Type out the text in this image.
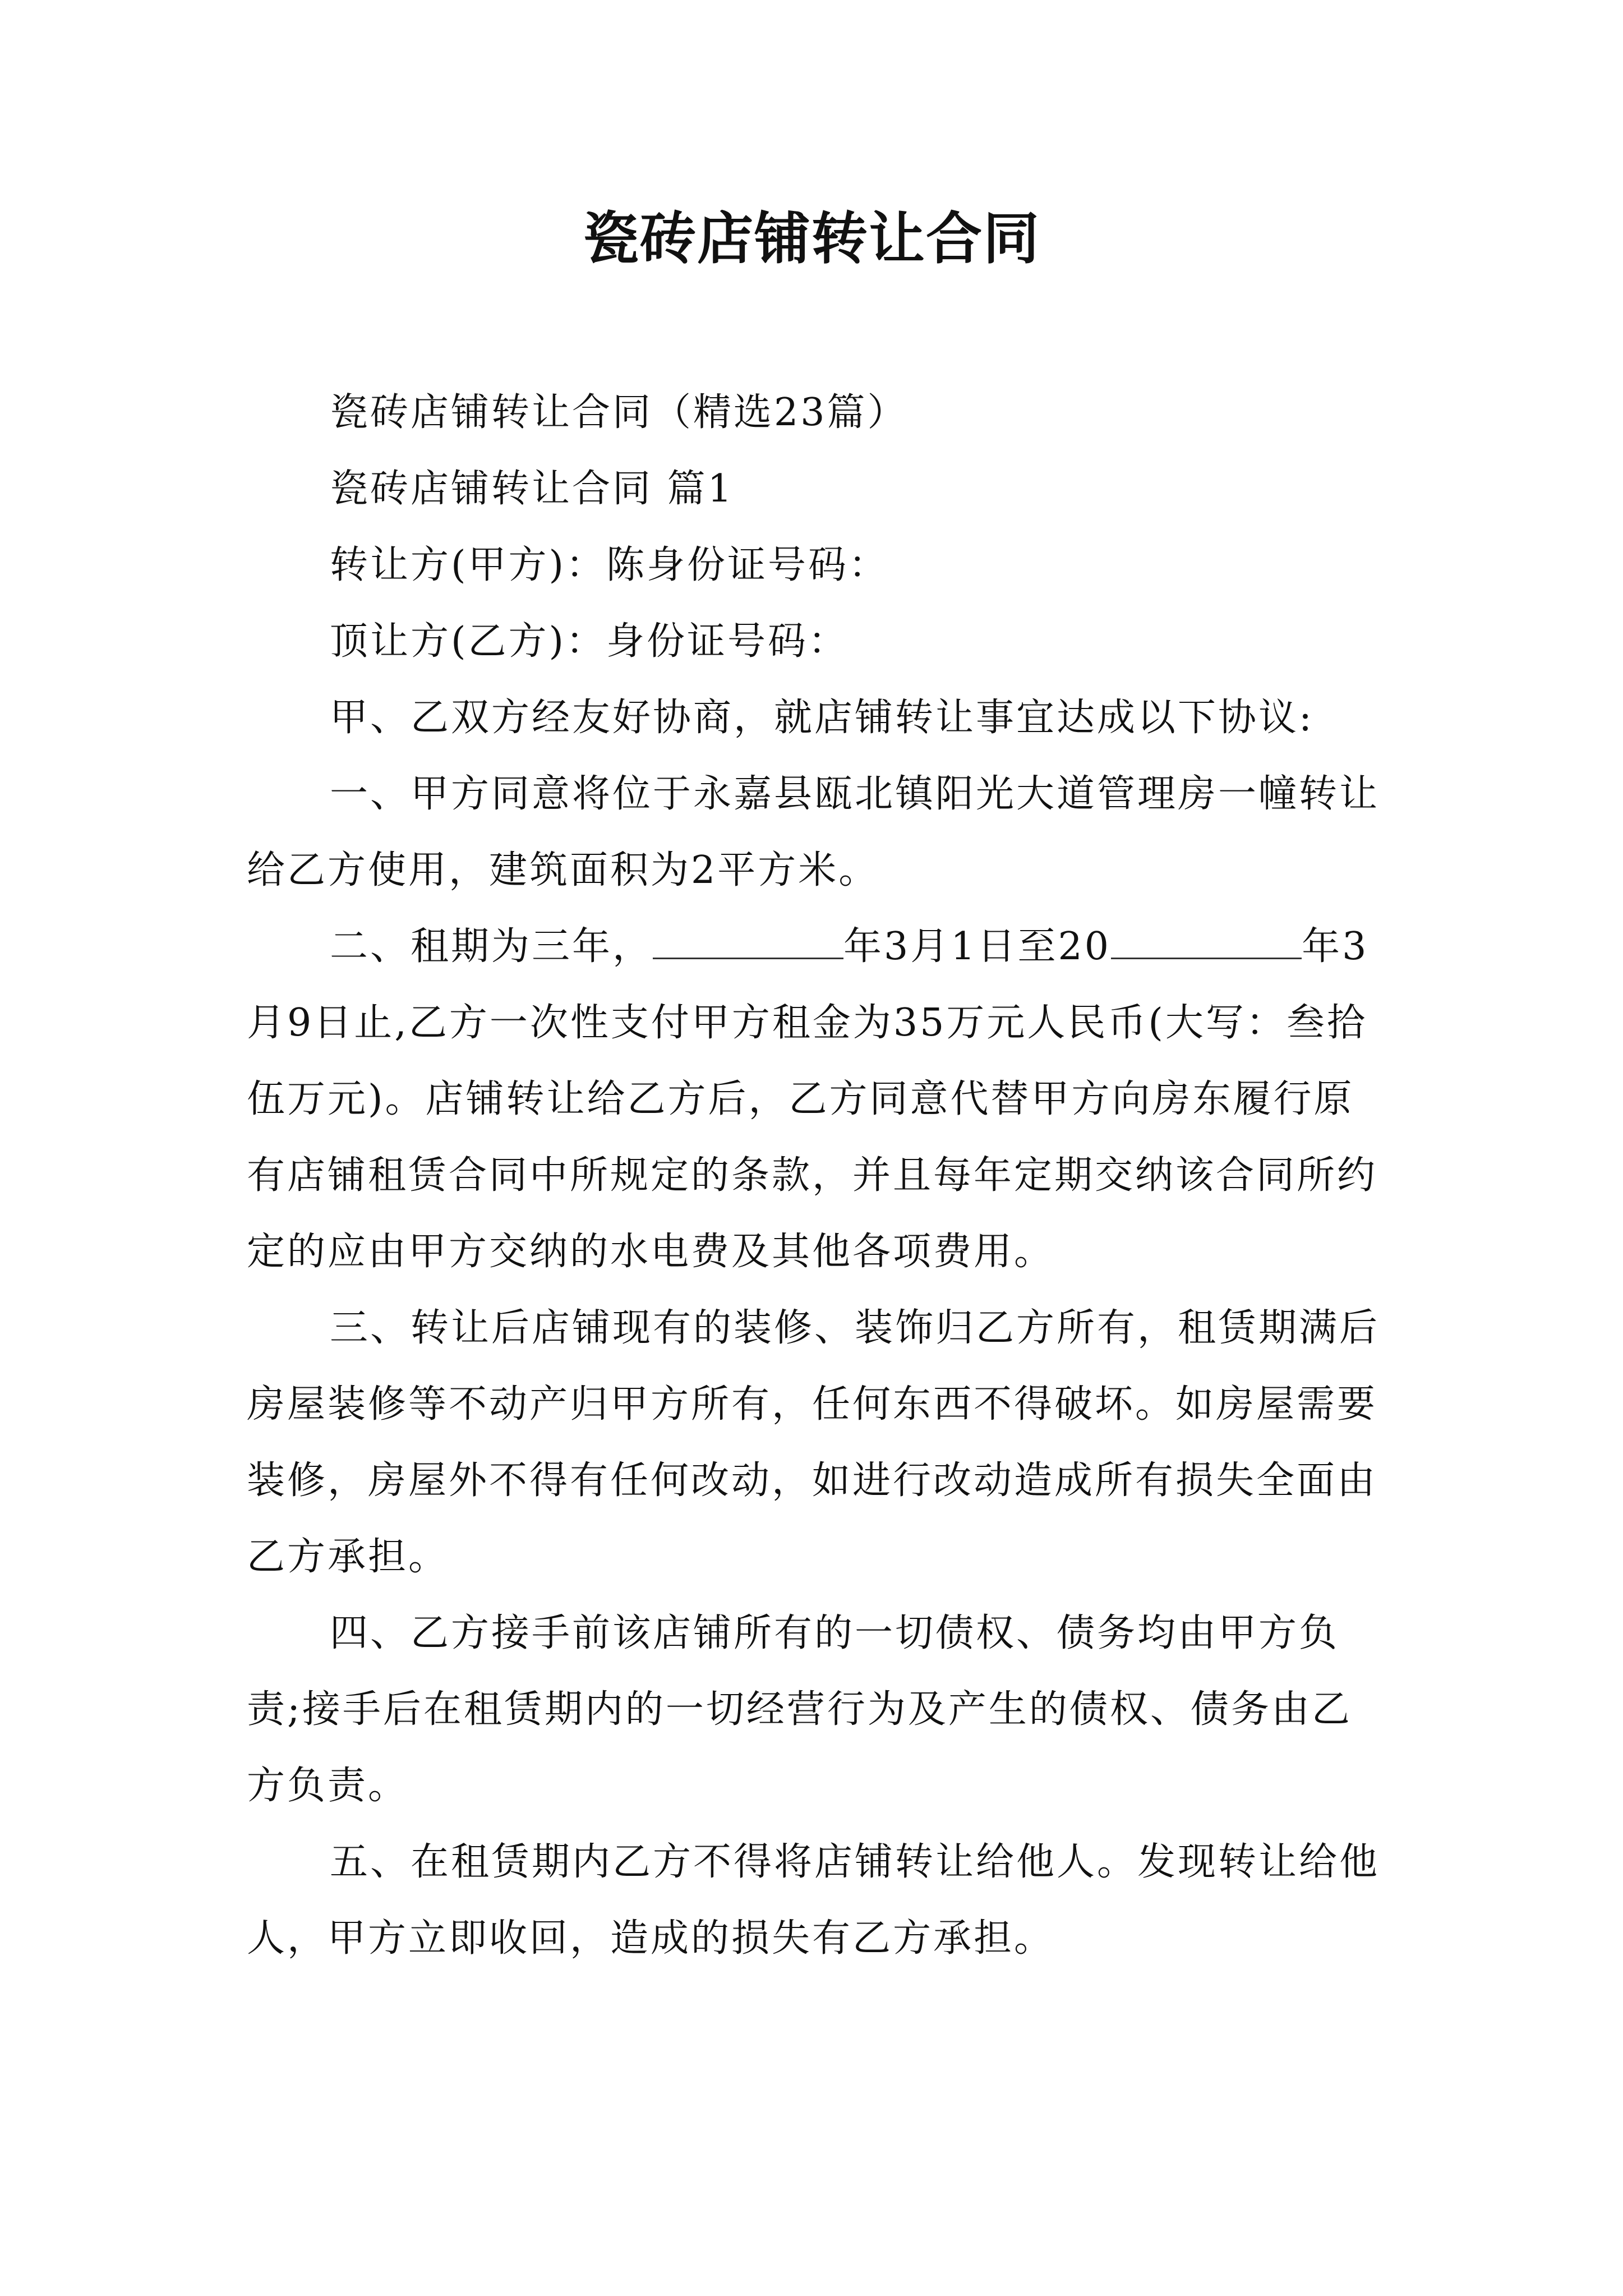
瓷砖店铺转让合同

瓷砖店铺转让合同（精选23篇）

瓷砖店铺转让合同 篇1

转让方(甲方)：陈身份证号码：

顶让方(乙方)：身份证号码：

甲、乙双方经友好协商，就店铺转让事宜达成以下协议:

一、甲方同意将位于永嘉县瓯北镇阳光大道管理房一幢转让给乙方使用，建筑面积为2平方米。

二、租期为三年，	年3月1日至20	年3月9日止,乙方一次性支付甲方租金为35万元人民币(大写：叁拾伍万元)。店铺转让给乙方后，乙方同意代替甲方向房东履行原有店铺租赁合同中所规定的条款，并且每年定期交纳该合同所约定的应由甲方交纳的水电费及其他各项费用。

三、转让后店铺现有的装修、装饰归乙方所有，租赁期满后房屋装修等不动产归甲方所有，任何东西不得破坏。如房屋需要装修，房屋外不得有任何改动，如进行改动造成所有损失全面由乙方承担。

四、乙方接手前该店铺所有的一切债权、债务均由甲方负责;接手后在租赁期内的一切经营行为及产生的债权、债务由乙方负责。

五、在租赁期内乙方不得将店铺转让给他人。发现转让给他人，甲方立即收回，造成的损失有乙方承担。
